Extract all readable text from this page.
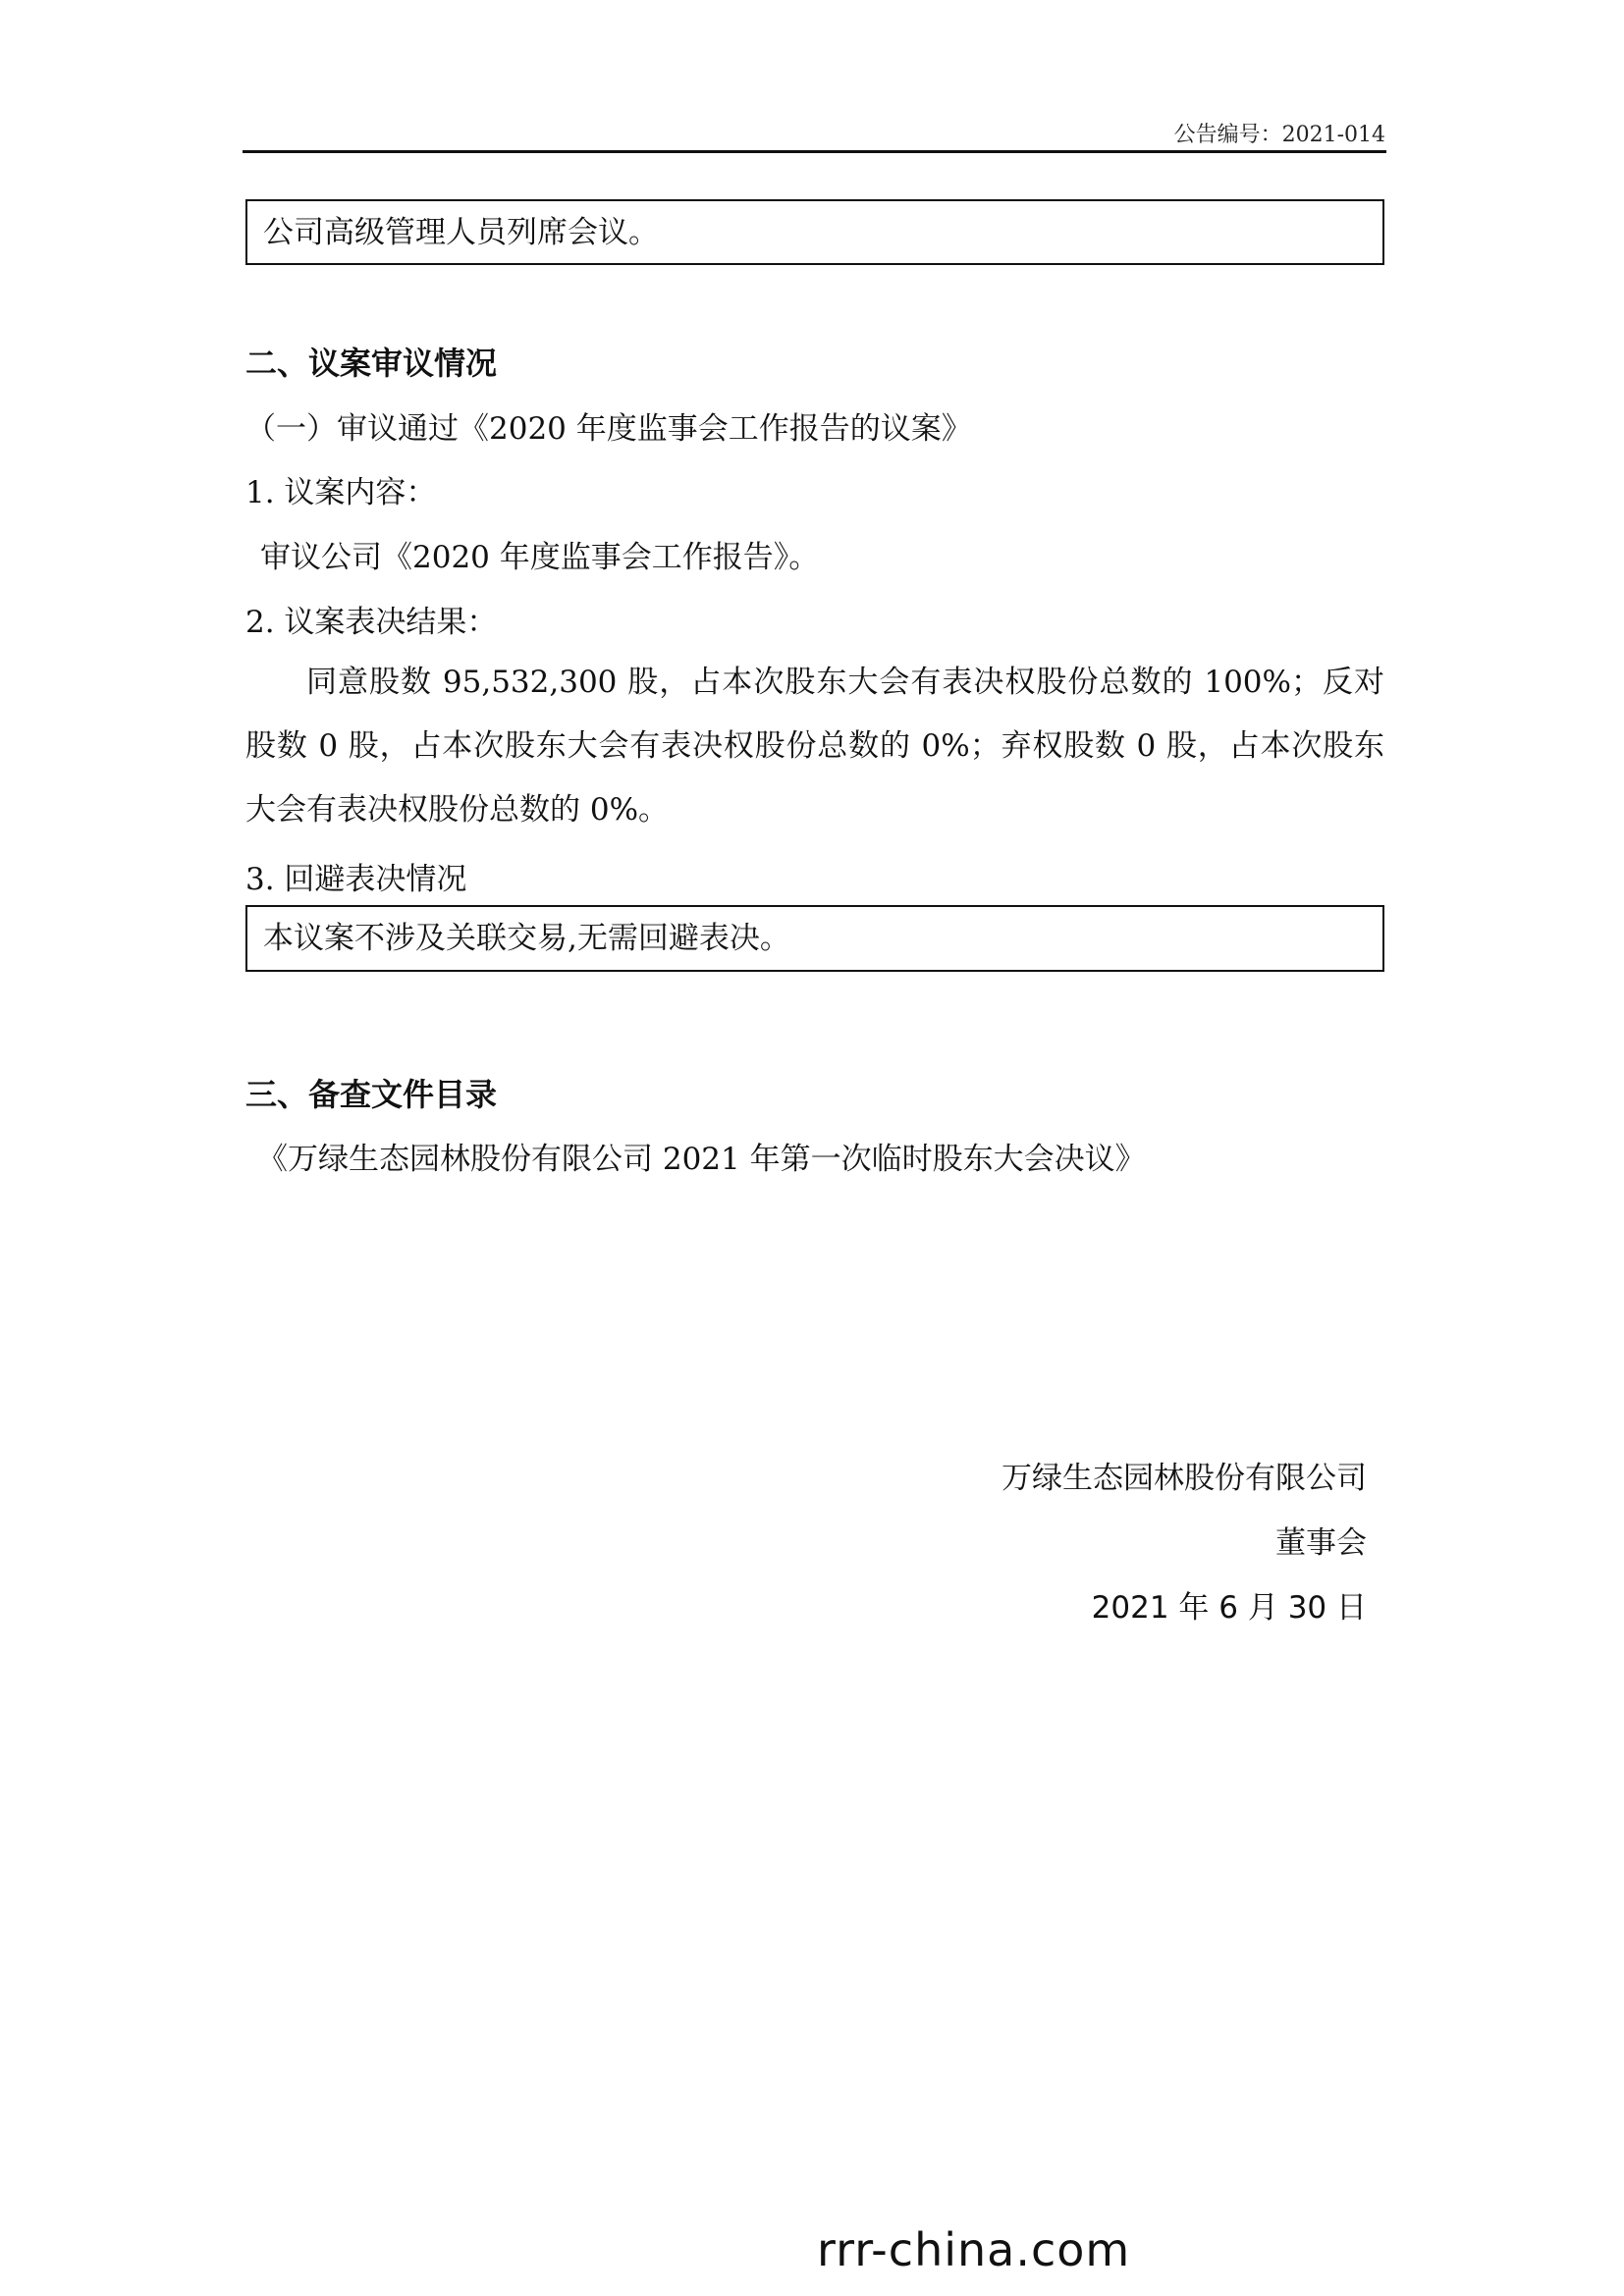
公告编号：2021-014
公司高级管理人员列席会议。
二、议案审议情况
（一）审议通过《2020 年度监事会工作报告的议案》
1. 议案内容：
审议公司《2020 年度监事会工作报告》。
2. 议案表决结果：
同意股数 95,532,300 股，占本次股东大会有表决权股份总数的 100%；反对股数 0 股，占本次股东大会有表决权股份总数的 0%；弃权股数 0 股，占本次股东大会有表决权股份总数的 0%。
3. 回避表决情况
本议案不涉及关联交易,无需回避表决。
三、备查文件目录
《万绿生态园林股份有限公司 2021 年第一次临时股东大会决议》
万绿生态园林股份有限公司
董事会
2021 年 6 月 30 日
rrr-china.com
